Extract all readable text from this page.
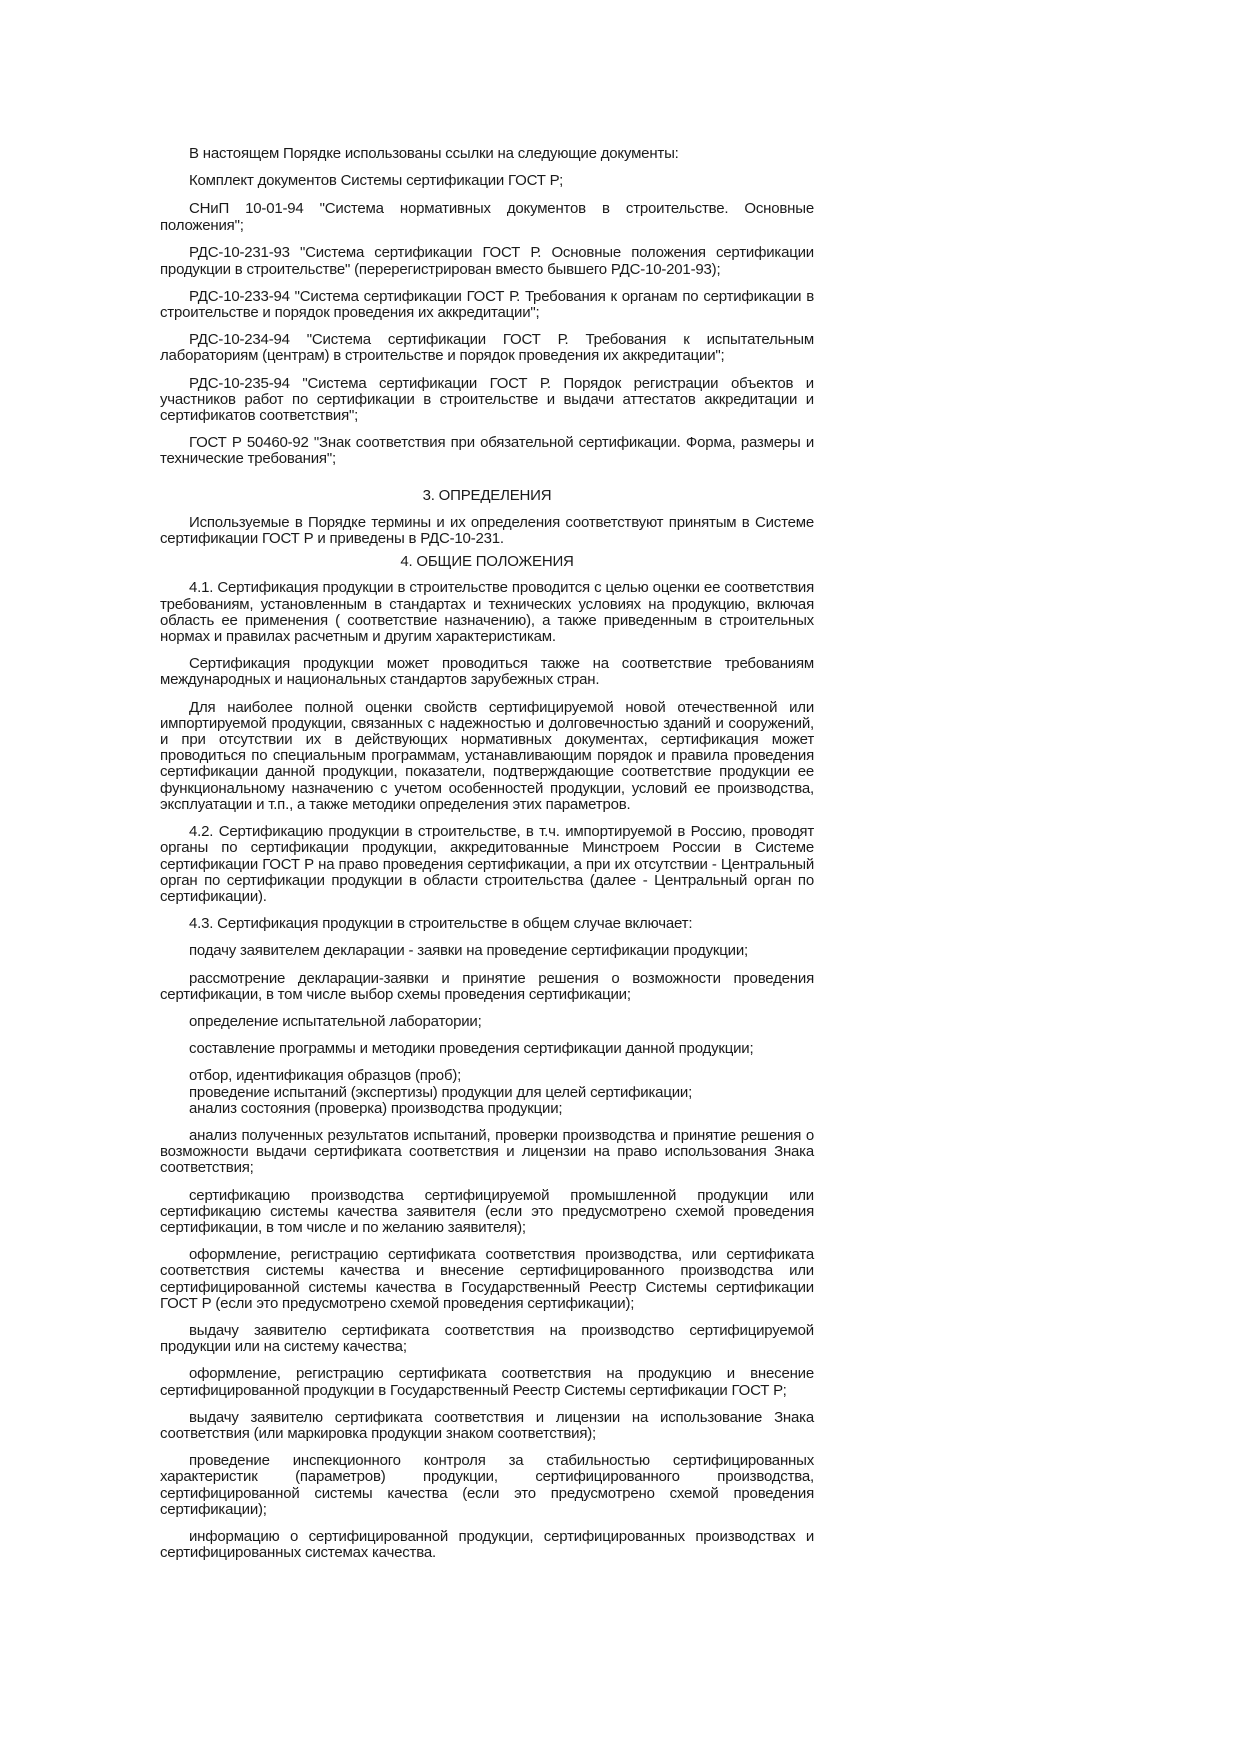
В настоящем Порядке использованы ссылки на следующие документы:

Комплект документов Системы сертификации ГОСТ Р;

СНиП 10-01-94 "Система нормативных документов в строительстве. Основные положения";

РДС-10-231-93 "Система сертификации ГОСТ Р. Основные положения сертификации продукции в строительстве" (перерегистрирован вместо бывшего РДС-10-201-93);

РДС-10-233-94 "Система сертификации ГОСТ Р. Требования к органам по сертификации в строительстве и порядок проведения их аккредитации";

РДС-10-234-94 "Система сертификации ГОСТ Р. Требования к испытательным лабораториям (центрам) в строительстве и порядок проведения их аккредитации";

РДС-10-235-94 "Система сертификации ГОСТ Р. Порядок регистрации объектов и участников работ по сертификации в строительстве и выдачи аттестатов аккредитации и сертификатов соответствия";

ГОСТ Р 50460-92 "Знак соответствия при обязательной сертификации. Форма, размеры и технические требования";

3. ОПРЕДЕЛЕНИЯ

Используемые в Порядке термины и их определения соответствуют принятым в Системе сертификации ГОСТ Р и приведены в РДС-10-231.

4. ОБЩИЕ ПОЛОЖЕНИЯ

4.1. Сертификация продукции в строительстве проводится с целью оценки ее соответствия требованиям, установленным в стандартах и технических условиях на продукцию, включая область ее применения ( соответствие назначению), а также приведенным в строительных нормах и правилах расчетным и другим характеристикам.

Сертификация продукции может проводиться также на соответствие требованиям международных и национальных стандартов зарубежных стран.

Для наиболее полной оценки свойств сертифицируемой новой отечественной или импортируемой продукции, связанных с надежностью и долговечностью зданий и сооружений, и при отсутствии их в действующих нормативных документах, сертификация может проводиться по специальным программам, устанавливающим порядок и правила проведения сертификации данной продукции, показатели, подтверждающие соответствие продукции ее функциональному назначению с учетом особенностей продукции, условий ее производства, эксплуатации и т.п., а также методики определения этих параметров.

4.2. Сертификацию продукции в строительстве, в т.ч. импортируемой в Россию, проводят органы по сертификации продукции, аккредитованные Минстроем России в Системе сертификации ГОСТ Р на право проведения сертификации, а при их отсутствии - Центральный орган по сертификации продукции в области строительства (далее - Центральный орган по сертификации).

4.3. Сертификация продукции в строительстве в общем случае включает:

подачу заявителем декларации - заявки на проведение сертификации продукции;

рассмотрение декларации-заявки и принятие решения о возможности проведения сертификации, в том числе выбор схемы проведения сертификации;

определение испытательной лаборатории;

составление программы и методики проведения сертификации данной продукции;

отбор, идентификация образцов (проб);

проведение испытаний (экспертизы) продукции для целей сертификации;

анализ состояния (проверка) производства продукции;

анализ полученных результатов испытаний, проверки производства и принятие решения о возможности выдачи сертификата соответствия и лицензии на право использования Знака соответствия;

сертификацию производства сертифицируемой промышленной продукции или сертификацию системы качества заявителя (если это предусмотрено схемой проведения сертификации, в том числе и по желанию заявителя);

оформление, регистрацию сертификата соответствия производства, или сертификата соответствия системы качества и внесение сертифицированного производства или сертифицированной системы качества в Государственный Реестр Системы сертификации ГОСТ Р (если это предусмотрено схемой проведения сертификации);

выдачу заявителю сертификата соответствия на производство сертифицируемой продукции или на систему качества;

оформление, регистрацию сертификата соответствия на продукцию и внесение сертифицированной продукции в Государственный Реестр Системы сертификации ГОСТ Р;

выдачу заявителю сертификата соответствия и лицензии на использование Знака соответствия (или маркировка продукции знаком соответствия);

проведение инспекционного контроля за стабильностью сертифицированных характеристик (параметров) продукции, сертифицированного производства, сертифицированной системы качества (если это предусмотрено схемой проведения сертификации);

информацию о сертифицированной продукции, сертифицированных производствах и сертифицированных системах качества.
